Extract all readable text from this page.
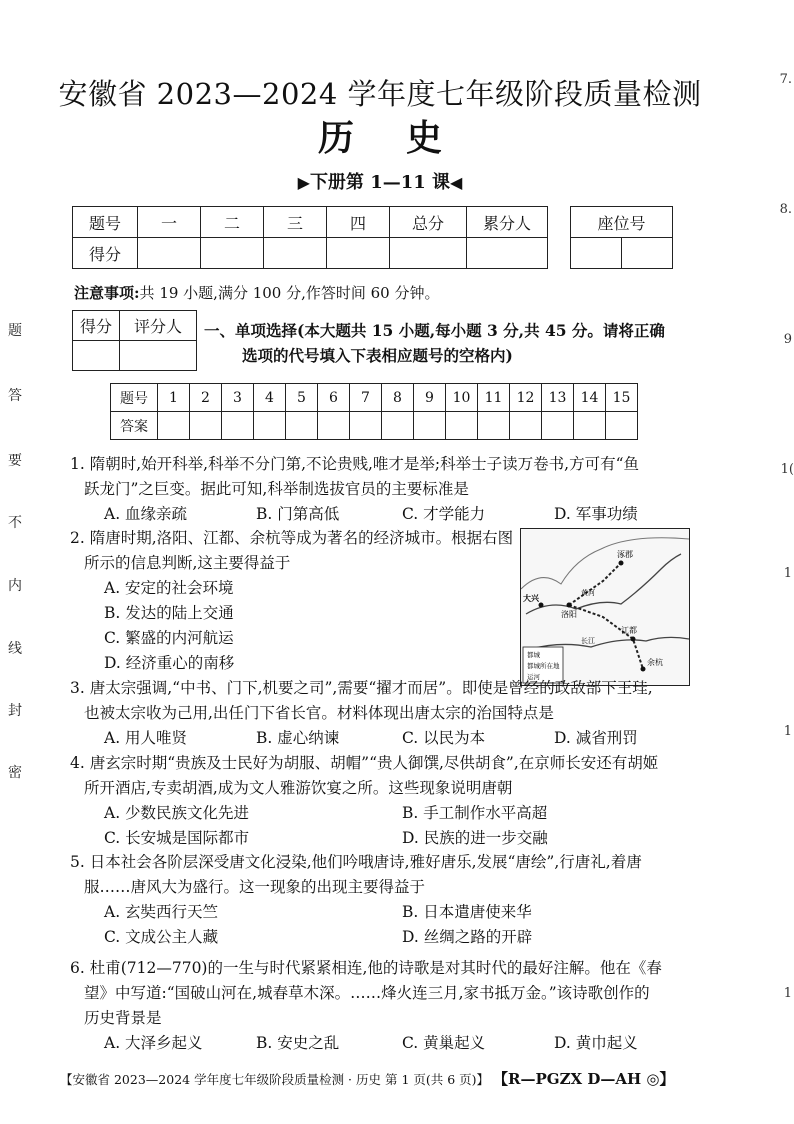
安徽省 2023—2024 学年度七年级阶段质量检测
历史
▶下册第 1—11 课◀
题号	一	二	三	四	总分	累分人
得分						
座位号

注意事项:共 19 小题,满分 100 分,作答时间 60 分钟。
得分	评分人
	一、单项选择(本大题共 15 小题,每小题 3 分,共 45 分。请将正确
选项的代号填入下表相应题号的空格内)
题号	1	2	3	4	5	6	7	8	9	10	11	12	13	14	15
答案															
1. 隋朝时,始开科举,科举不分门第,不论贵贱,唯才是举;科举士子读万卷书,方可有“鱼
跃龙门”之巨变。据此可知,科举制选拔官员的主要标准是
A. 血缘亲疏	B. 门第高低	C. 才学能力	D. 军事功绩
2. 隋唐时期,洛阳、江都、余杭等成为著名的经济城市。根据右图
所示的信息判断,这主要得益于
A. 安定的社会环境
B. 发达的陆上交通
C. 繁盛的内河航运
D. 经济重心的南移
涿郡
大兴
洛阳
江都
余杭
黄河
长江
都城
都城所在地
运河
3. 唐太宗强调,“中书、门下,机要之司”,需要“擢才而居”。即使是曾经的政敌部下王珪,
也被太宗收为己用,出任门下省长官。材料体现出唐太宗的治国特点是
A. 用人唯贤	B. 虚心纳谏	C. 以民为本	D. 减省刑罚
4. 唐玄宗时期“贵族及士民好为胡服、胡帽”“贵人御馔,尽供胡食”,在京师长安还有胡姬
所开酒店,专卖胡酒,成为文人雅游饮宴之所。这些现象说明唐朝
A. 少数民族文化先进	B. 手工制作水平高超
C. 长安城是国际都市	D. 民族的进一步交融
5. 日本社会各阶层深受唐文化浸染,他们吟哦唐诗,雅好唐乐,发展“唐绘”,行唐礼,着唐
服……唐风大为盛行。这一现象的出现主要得益于
A. 玄奘西行天竺	B. 日本遣唐使来华
C. 文成公主人藏	D. 丝绸之路的开辟
6. 杜甫(712—770)的一生与时代紧紧相连,他的诗歌是对其时代的最好注解。他在《春
望》中写道:“国破山河在,城春草木深。……烽火连三月,家书抵万金。”该诗歌创作的
历史背景是
A. 大泽乡起义	B. 安史之乱	C. 黄巢起义	D. 黄巾起义
题
答
要
不
内
线
封
密
7.
8.
9
1(
1
1
1
【安徽省 2023—2024 学年度七年级阶段质量检测 · 历史 第 1 页(共 6 页)】 【R—PGZX D—AH ◎】
